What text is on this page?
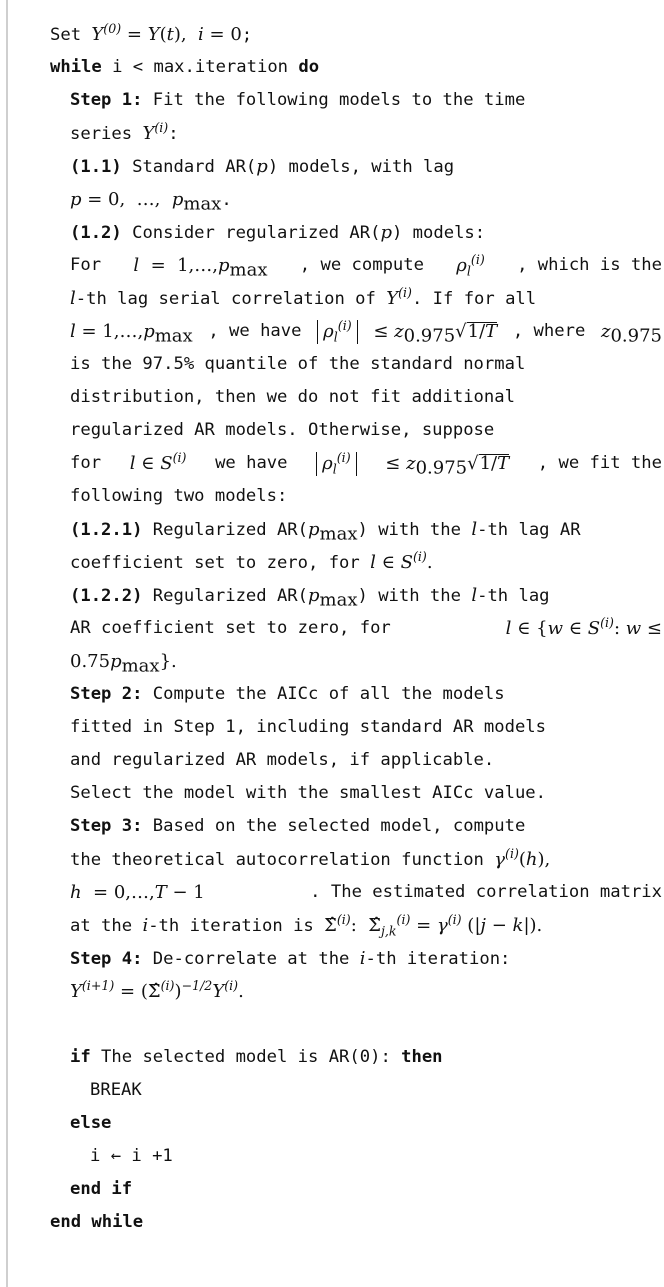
Set $Y^{(0)} = Y(t)$,  i = 0;
while i < max.iteration do
Step 1: Fit the following models to the time
series $Y^{(i)}$:
(1.1) Standard AR(p) models, with lag
p = 0,  …,  $p_{max}$.
(1.2) Consider regularized AR(p) models:
For $l = 1,\dots,p_{max}$ , we compute $\rho_l^{(i)}$ , which is the
l-th lag serial correlation of $Y^{(i)}$. If for all
$l = 1,\dots,p_{max}$ , we have	$\rho_l^{(i)}$	≤ $z_{0.975}√1/T$ , where $z_{0.975}$
is the 97.5% quantile of the standard normal
distribution, then we do not fit additional
regularized AR models. Otherwise, suppose
for l ∈ $S^{(i)}$ we have	$\rho_l^{(i)}$	≤ $z_{0.975}√1/T$ , we fit the
following two models:
(1.2.1) Regularized $AR(p_{max})$ with the l-th lag AR
coefficient set to zero, for l ∈ $S^{(i)}$.
(1.2.2) Regularized $AR(p_{max})$ with the l-th lag
AR coefficient set to zero, for	l ∈ {w ∈ $S^{(i)}$: w ≤
$0.75p_{max}$}.
Step 2: Compute the AICc of all the models
fitted in Step 1, including standard AR models
and regularized AR models, if applicable.
Select the model with the smallest AICc value.
Step 3: Based on the selected model, compute
the theoretical autocorrelation function $\gamma^{(i)}(h)$,
h  = 0,…,T − 1	. The estimated correlation matrix
at the i-th iteration is Σ̂$^{(i)}$: $\Sigmâ_{j,k}^{(i)} = \gamma^{(i)}$ (|j − k|).
Step 4: De-correlate at the i-th iteration:
$Y^{(i+1)}$ = $(\Sigmâ^{(i)})^{-1/2}Y^{(i)}$.
if The selected model is AR(0): then
BREAK
else
i ← i +1
end if
end while
